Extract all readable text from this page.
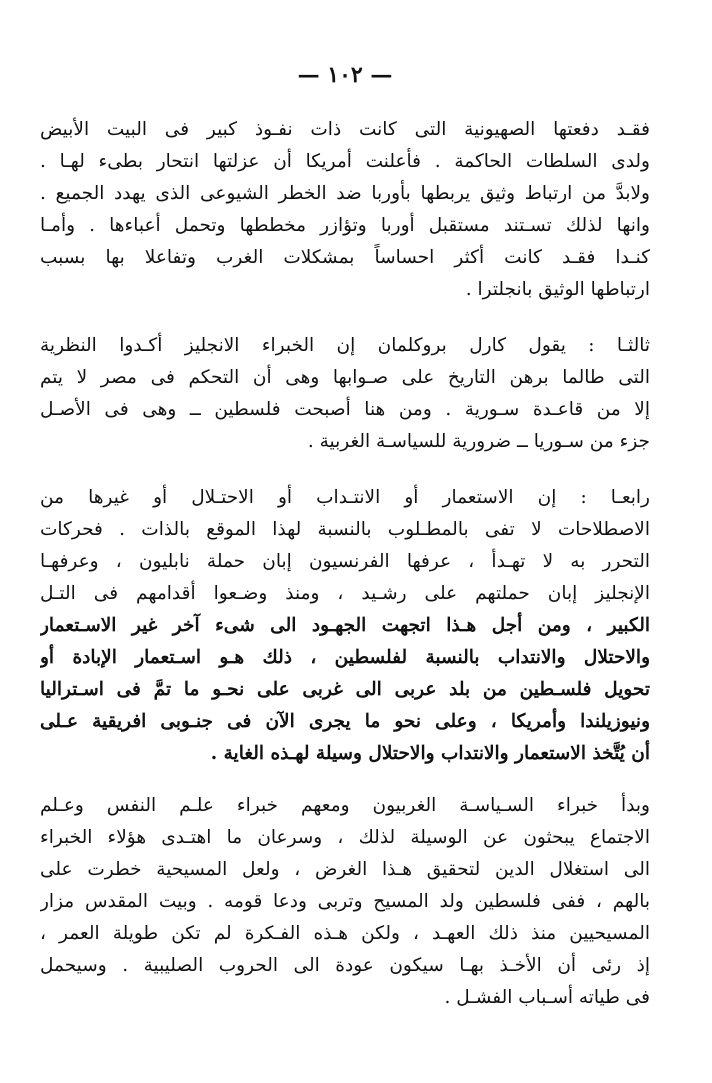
— ١٠٢ —
فقـد دفعتها الصهيونية التى كانت ذات نفـوذ كبير فى البيت الأبيض
ولدى السلطات الحاكمة . فأعلنت أمريكا أن عزلتها انتحار بطىء لهـا .
ولابدَّ من ارتباط وثيق يربطها بأوربا ضد الخطر الشيوعى الذى يهدد الجميع .
وانها لذلك تسـتند مستقبل أوربا وتؤازر مخططها وتحمل أعباءها . وأمـا
كنـدا فقـد كانت أكثر احساساً بمشكلات الغرب وتفاعلا بها بسبب
ارتباطها الوثيق بانجلترا .
ثالثـا : يقول كارل بروكلمان إن الخبراء الانجليز أكـدوا النظرية
التى طالما برهن التاريخ على صـوابها وهى أن التحكم فى مصر لا يتم
إلا من قاعـدة سـورية . ومن هنا أصبحت فلسطين ــ وهى فى الأصـل
جزء من سـوريا ــ ضرورية للسياسـة الغربية .
رابعـا : إن الاستعمار أو الانتـداب أو الاحتـلال أو غيرها من
الاصطلاحات لا تفى بالمطـلوب بالنسبة لهذا الموقع بالذات . فحركات
التحرر به لا تهـدأ ، عرفها الفرنسيون إبان حملة نابليون ، وعرفهـا
الإنجليز إبان حملتهم على رشـيد ، ومنذ وضـعوا أقدامهم فى التـل
الكبير ، ومن أجل هـذا اتجهت الجهـود الى شىء آخر غير الاسـتعمار
والاحتلال والانتداب بالنسبة لفلسطين ، ذلك هـو اسـتعمار الإبادة أو
تحويل فلسـطين من بلد عربى الى غربى على نحـو ما تمَّ فى اسـتراليا
ونيوزيلندا وأمريكا ، وعلى نحو ما يجرى الآن فى جنـوبى افريقية عـلى
أن يُتَّخذ الاستعمار والانتداب والاحتلال وسيلة لهـذه الغاية .
وبدأ خبراء السـياسـة الغربيون ومعهم خبراء علـم النفس وعـلم
الاجتماع يبحثون عن الوسيلة لذلك ، وسرعان ما اهتـدى هؤلاء الخبراء
الى استغلال الدين لتحقيق هـذا الغرض ، ولعل المسيحية خطرت على
بالهم ، ففى فلسطين ولد المسيح وتربى ودعا قومه . وبيت المقدس مزار
المسيحيين منذ ذلك العهـد ، ولكن هـذه الفـكرة لم تكن طويلة العمر ،
إذ رئى أن الأخـذ بهـا سيكون عودة الى الحروب الصليبية . وسيحمل
فى طياته أسـباب الفشـل .
